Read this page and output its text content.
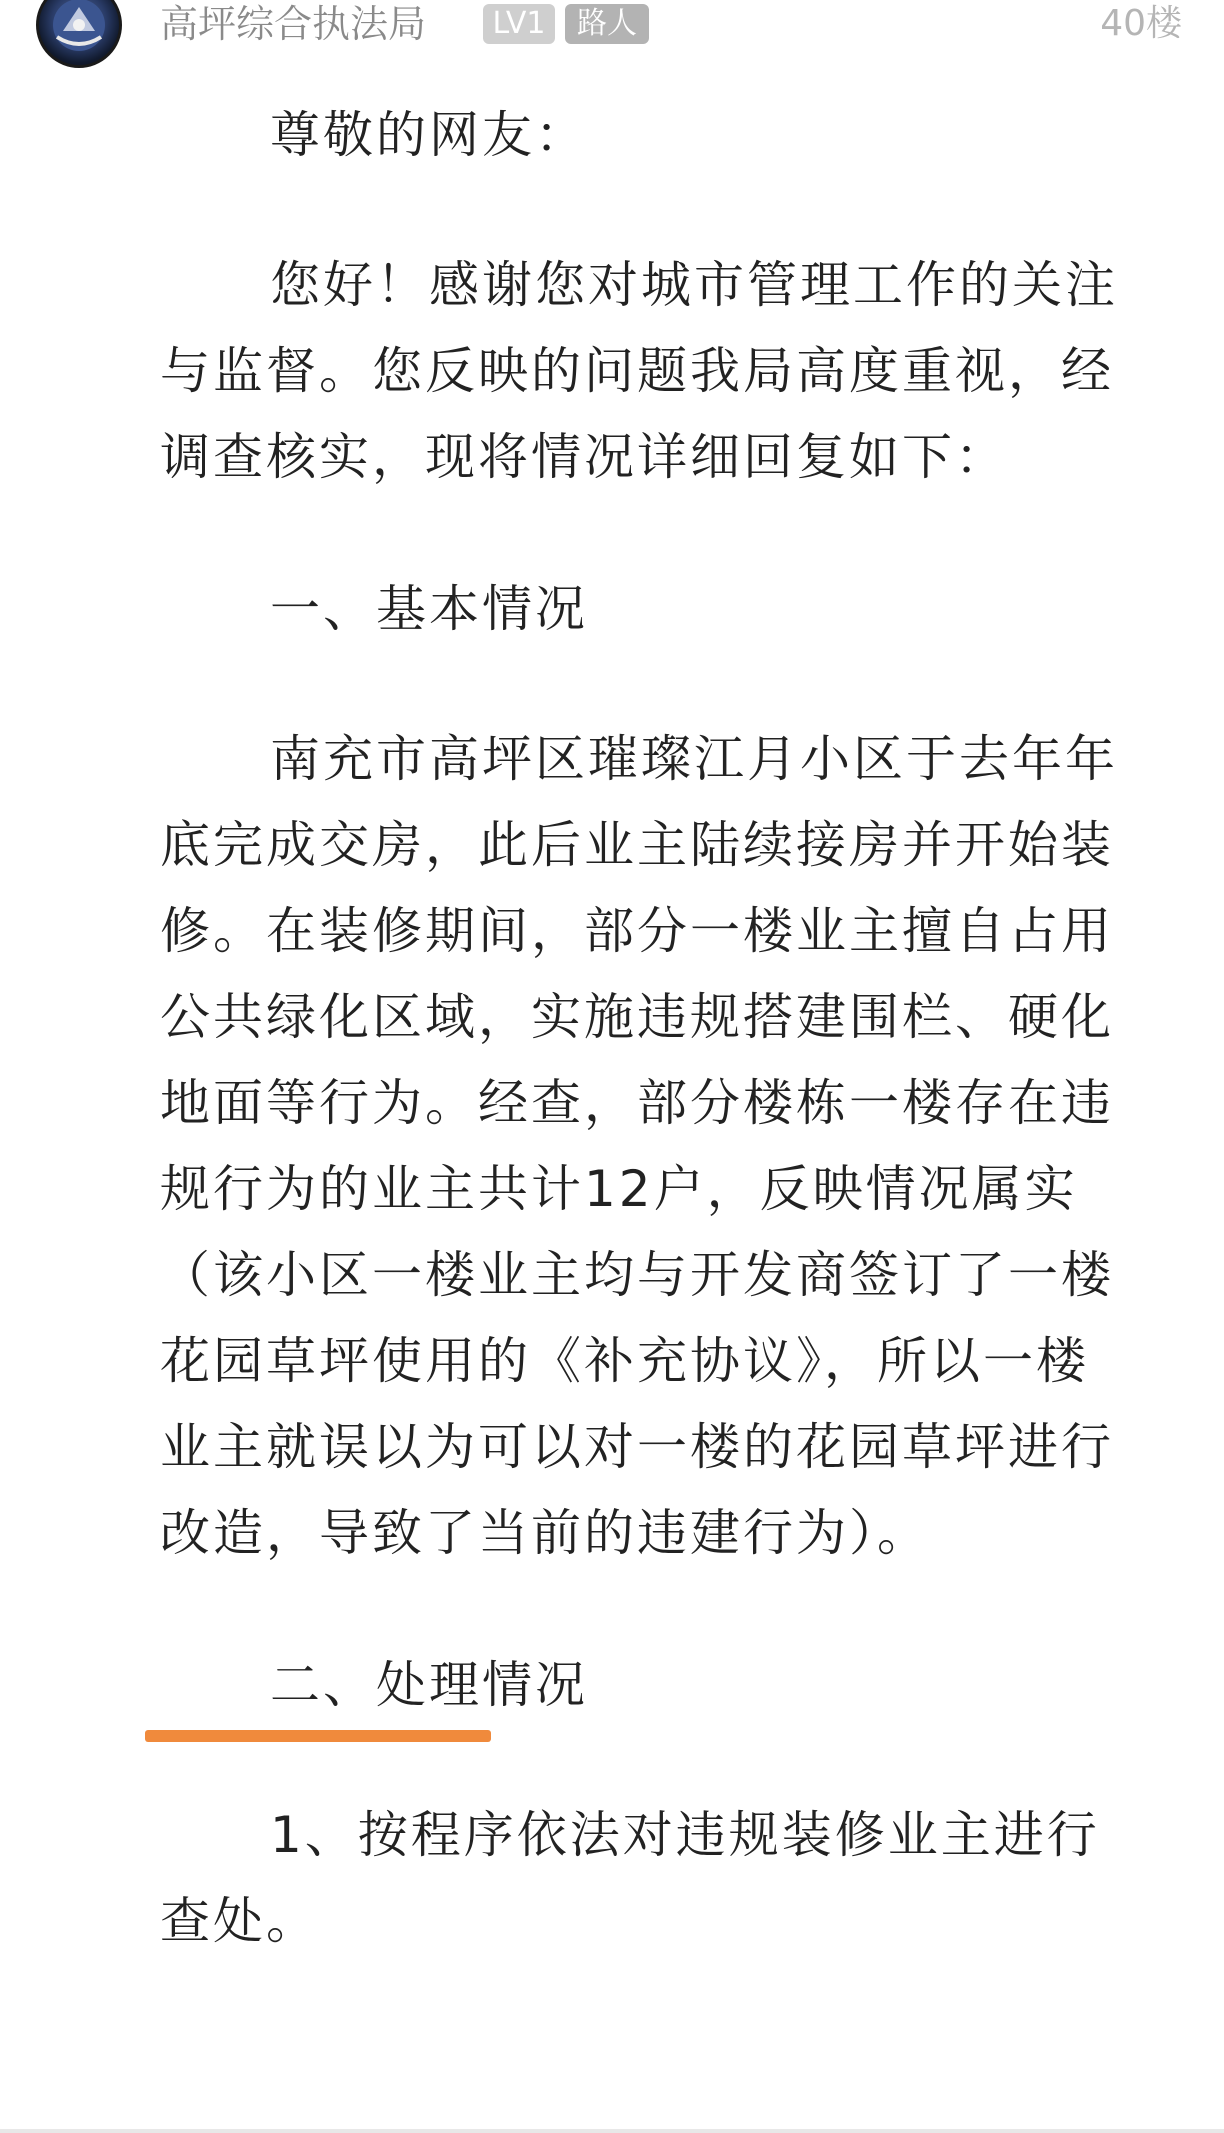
高坪综合执法局	LV1	路人	40楼

尊敬的网友：

您好！感谢您对城市管理工作的关注与监督。您反映的问题我局高度重视，经调查核实，现将情况详细回复如下：

一、基本情况

南充市高坪区璀璨江月小区于去年年底完成交房，此后业主陆续接房并开始装修。在装修期间，部分一楼业主擅自占用公共绿化区域，实施违规搭建围栏、硬化地面等行为。经查，部分楼栋一楼存在违规行为的业主共计12户，反映情况属实（该小区一楼业主均与开发商签订了一楼花园草坪使用的《补充协议》，所以一楼业主就误以为可以对一楼的花园草坪进行改造，导致了当前的违建行为）。

二、处理情况

1、按程序依法对违规装修业主进行查处。
